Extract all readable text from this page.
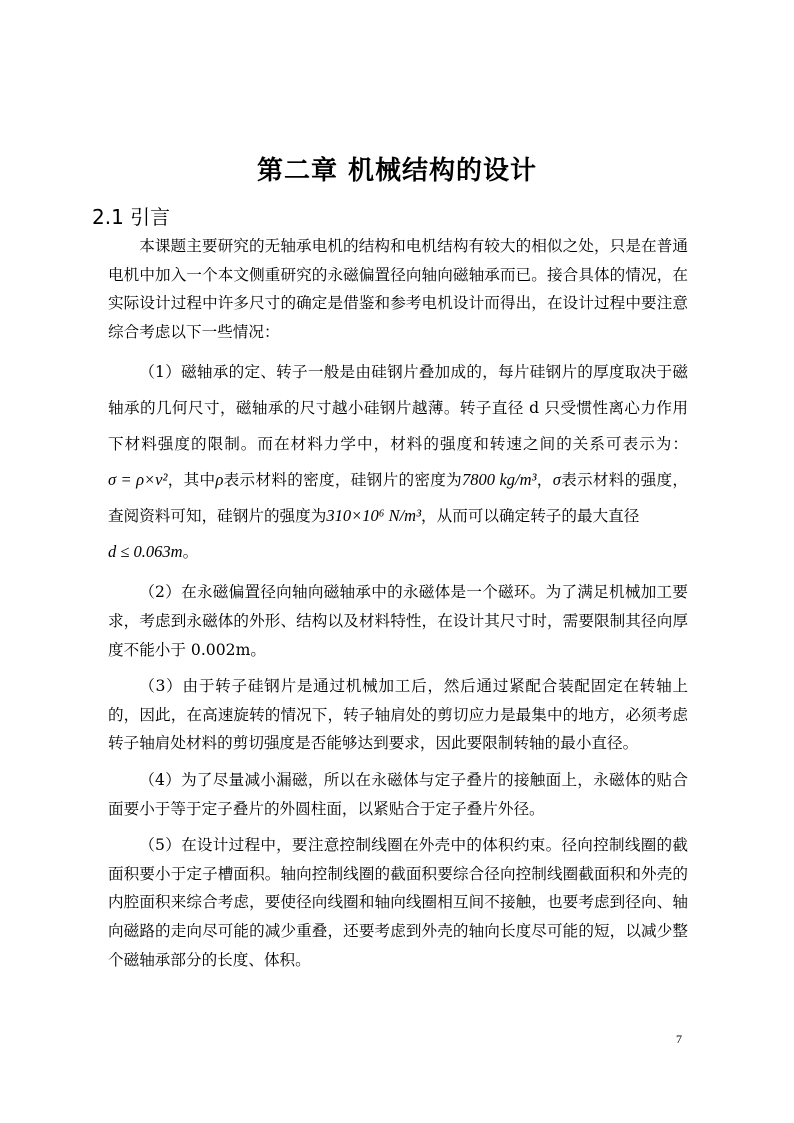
第二章 机械结构的设计
2.1 引言

本课题主要研究的无轴承电机的结构和电机结构有较大的相似之处，只是在普通电机中加入一个本文侧重研究的永磁偏置径向轴向磁轴承而已。接合具体的情况，在实际设计过程中许多尺寸的确定是借鉴和参考电机设计而得出，在设计过程中要注意综合考虑以下一些情况：

（1）磁轴承的定、转子一般是由硅钢片叠加成的，每片硅钢片的厚度取决于磁轴承的几何尺寸，磁轴承的尺寸越小硅钢片越薄。转子直径 d 只受惯性离心力作用下材料强度的限制。而在材料力学中，材料的强度和转速之间的关系可表示为：σ = ρ×v²，其中ρ表示材料的密度，硅钢片的密度为7800 kg/m³，σ表示材料的强度，查阅资料可知，硅钢片的强度为310×10⁶ N/m³，从而可以确定转子的最大直径
d ≤ 0.063m。

（2）在永磁偏置径向轴向磁轴承中的永磁体是一个磁环。为了满足机械加工要求，考虑到永磁体的外形、结构以及材料特性，在设计其尺寸时，需要限制其径向厚度不能小于 0.002m。

（3）由于转子硅钢片是通过机械加工后，然后通过紧配合装配固定在转轴上的，因此，在高速旋转的情况下，转子轴肩处的剪切应力是最集中的地方，必须考虑转子轴肩处材料的剪切强度是否能够达到要求，因此要限制转轴的最小直径。

（4）为了尽量减小漏磁，所以在永磁体与定子叠片的接触面上，永磁体的贴合面要小于等于定子叠片的外圆柱面，以紧贴合于定子叠片外径。

（5）在设计过程中，要注意控制线圈在外壳中的体积约束。径向控制线圈的截面积要小于定子槽面积。轴向控制线圈的截面积要综合径向控制线圈截面积和外壳的内腔面积来综合考虑，要使径向线圈和轴向线圈相互间不接触，也要考虑到径向、轴向磁路的走向尽可能的减少重叠，还要考虑到外壳的轴向长度尽可能的短，以减少整个磁轴承部分的长度、体积。

7
